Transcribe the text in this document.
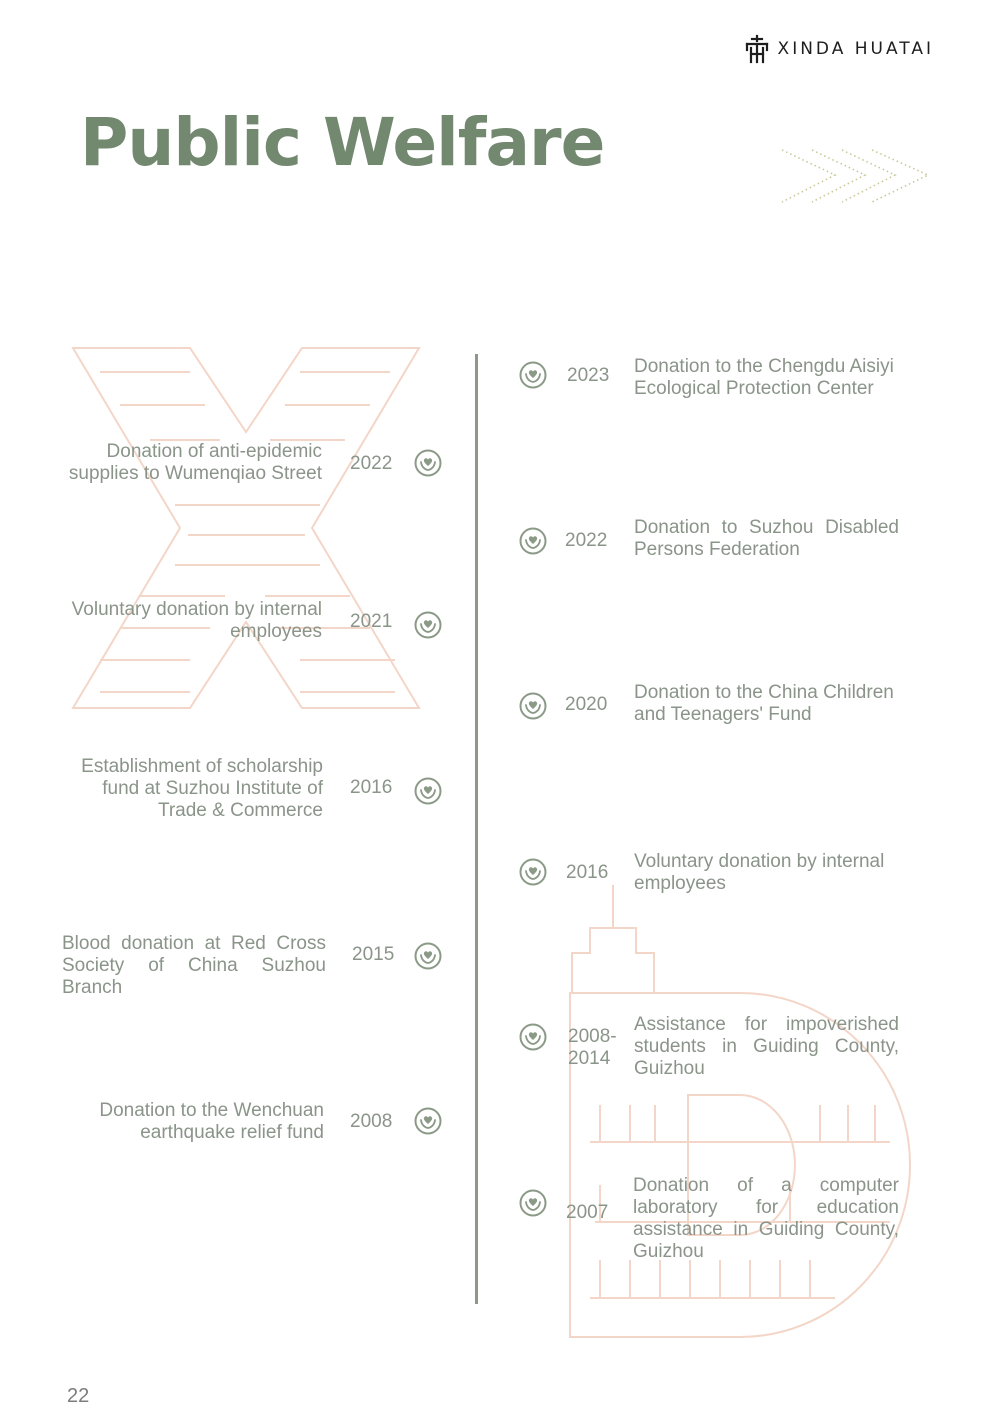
XINDA HUATAI
Public Welfare
Donation of anti-epidemic supplies to Wumenqiao Street 2022
Voluntary donation by internal employees 2021
Establishment of scholarship fund at Suzhou Institute of Trade & Commerce
2016
Blood donation at Red Cross Society of China Suzhou Branch
2015
Donation to the Wenchuan earthquake relief fund
2008
2023 Donation to the Chengdu Aisiyi Ecological Protection Center
2022
Donation to Suzhou Disabled Persons Federation
2020
Donation to the China Children and Teenagers' Fund
2016
Voluntary donation by internal employees
2008-2014
Assistance for impoverished students in Guiding County, Guizhou
2007
Donation of a computer laboratory for education assistance in Guiding County, Guizhou
22
